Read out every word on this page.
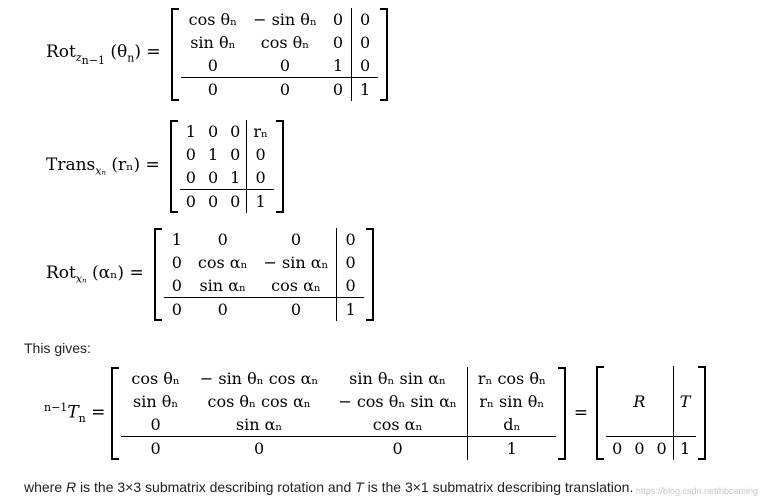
Rot$_{z_{n-1}}$ $(\theta_n)$ =
cos θₙ	− sin θₙ	0	0
sin θₙ	cos θₙ	0	0
0	0	1	0
0	0	0	1
Trans$_{x_n}$ (rₙ) =
1	0	0	rₙ
0	1	0	0
0	0	1	0
0	0	0	1
Rot$_{x_n}$ (αₙ) =
1	0	0	0
0	cos αₙ	− sin αₙ	0
0	sin αₙ	cos αₙ	0
0	0	0	1
This gives:
$^{n-1}T_n$ =
cos θₙ	− sin θₙ cos αₙ	sin θₙ sin αₙ	rₙ cos θₙ
sin θₙ	cos θₙ cos αₙ	− cos θₙ sin αₙ	rₙ sin θₙ
0	sin αₙ	cos αₙ	dₙ
0	0	0	1
=
R			T
0	0	0	1
where R is the 3×3 submatrix describing rotation and T is the 3×1 submatrix describing translation. https://blog.csdn.net/hbceming
